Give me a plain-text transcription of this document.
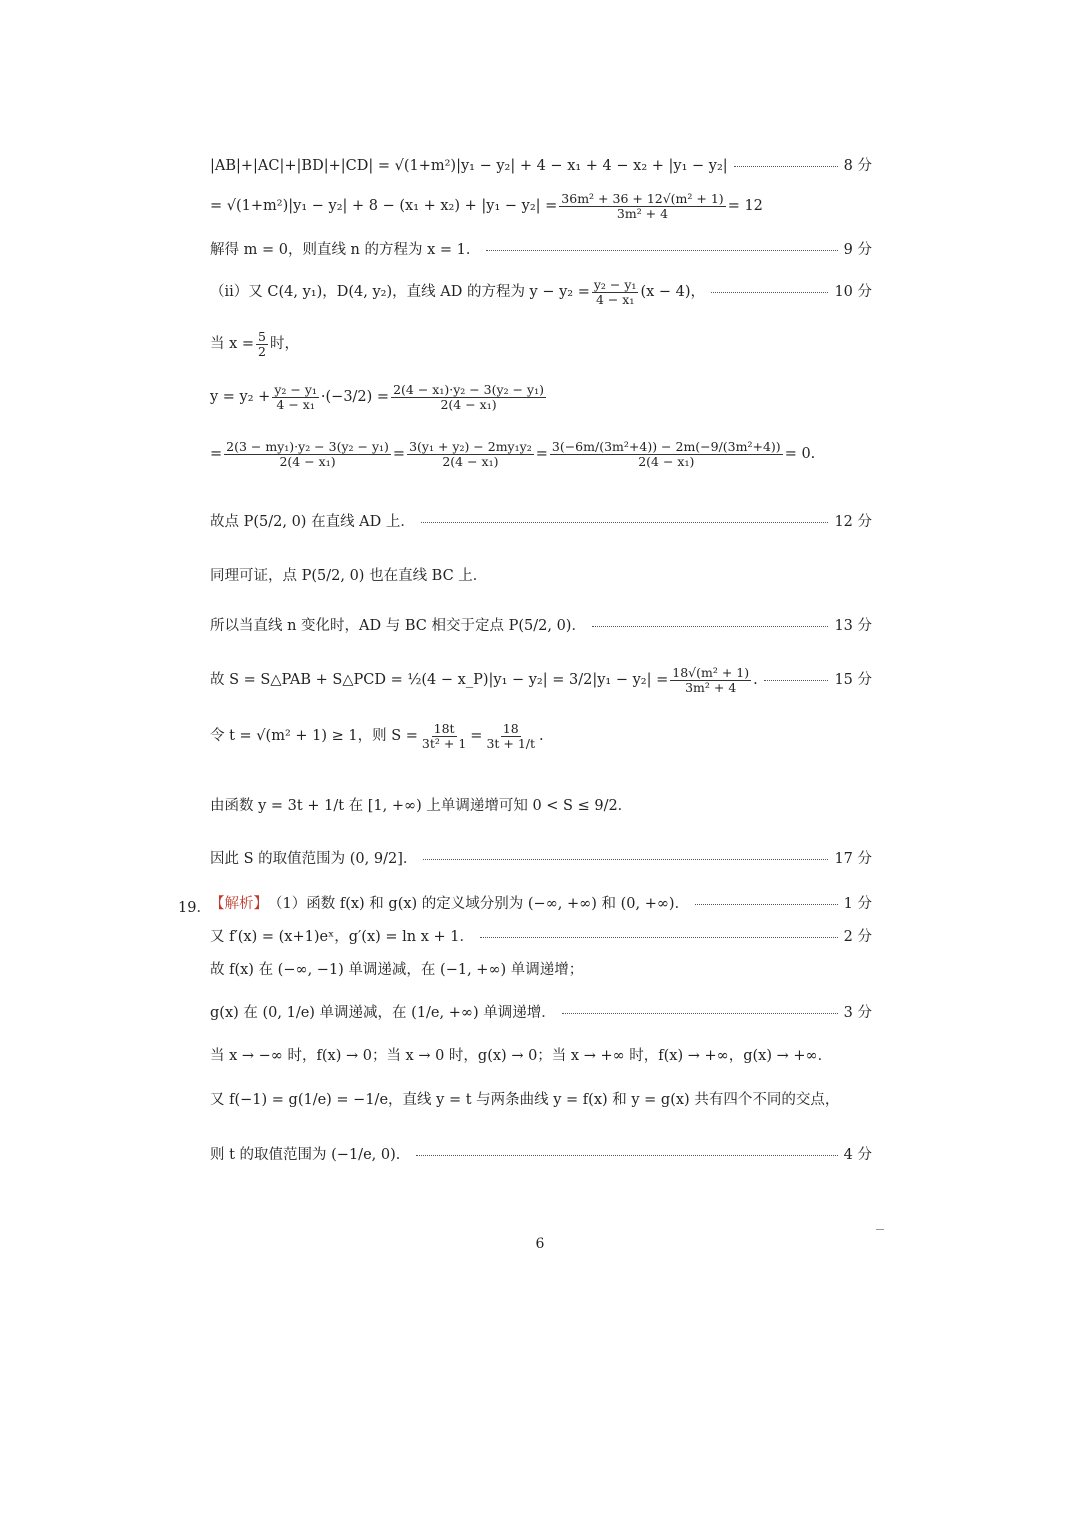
|AB|+|AC|+|BD|+|CD| = √(1+m²)|y₁ − y₂| + 4 − x₁ + 4 − x₂ + |y₁ − y₂|	8 分
= $√(1+m^2)|y_1 - y_2| + 8 - (x_1 + x_2) + |y_1 - y_2| = \frac{\text{36m² + 36 + 12√(m² + 1)}}{\text{3m² + 4}} = 12$
解得 m = 0，则直线 n 的方程为 x = 1．	9 分
（ii）又 C(4, y₁)，D(4, y₂)，直线 AD 的方程为 $y - y_2 = \frac{\text{y₂ − y₁}}{\text{4 − x₁}} (x - 4)$，	10 分
当 $x = \frac{5}{2}$ 时，
$y = y_2 + \frac{\text{y₂ − y₁}}{\text{4 − x₁}} \cdot(-3/2) = \frac{\text{2(4 − x₁)·y₂ − 3(y₂ − y₁)}}{\text{2(4 − x₁)}}$
= $\frac{\text{2(3 − my₁)·y₂ − 3(y₂ − y₁)}}{\text{2(4 − x₁)}} = \frac{\text{3(y₁ + y₂) − 2my₁y₂}}{\text{2(4 − x₁)}} = \frac{\text{3(−6m/(3m²+4)) − 2m(−9/(3m²+4))}}{\text{2(4 − x₁)}} = 0$.
故点 P(5/2, 0) 在直线 AD 上．	12 分
同理可证，点 P(5/2, 0) 也在直线 BC 上．
所以当直线 n 变化时，AD 与 BC 相交于定点 P(5/2, 0)．	13 分
故 S = S△PAB + S△PCD = ½(4 − x_P)|y₁ − $y_2| = 3/2|y_1 - y_2| = \frac{\text{18√(m² + 1)}}{\text{3m² + 4}}$ .	15 分
令 t = √(m² + 1) ≥ 1，则 $S = \frac{18t}{\text{3t² + 1}} = \frac{18}{3t + 1/t}$ .
由函数 y = 3t + 1/t 在 [1, +∞) 上单调递增可知 0 < S ≤ 9/2．
因此 S 的取值范围为 (0, 9/2]．	17 分
19． 【解析】 （1）函数 f(x) 和 g(x) 的定义域分别为 (−∞, +∞) 和 (0, +∞)．	1 分
又 f′(x) = (x+1)eˣ，g′(x) = ln x + 1．	2 分
故 f(x) 在 (−∞, −1) 单调递减，在 (−1, +∞) 单调递增；
g(x) 在 (0, 1/e) 单调递减，在 (1/e, +∞) 单调递增．	3 分
当 x → −∞ 时，f(x) → 0；当 x → 0 时，g(x) → 0；当 x → +∞ 时，f(x) → +∞，g(x) → +∞．
又 f(−1) = g(1/e) = −1/e，直线 y = t 与两条曲线 y = f(x) 和 y = g(x) 共有四个不同的交点，
则 t 的取值范围为 (−1/e, 0)．	4 分
6
